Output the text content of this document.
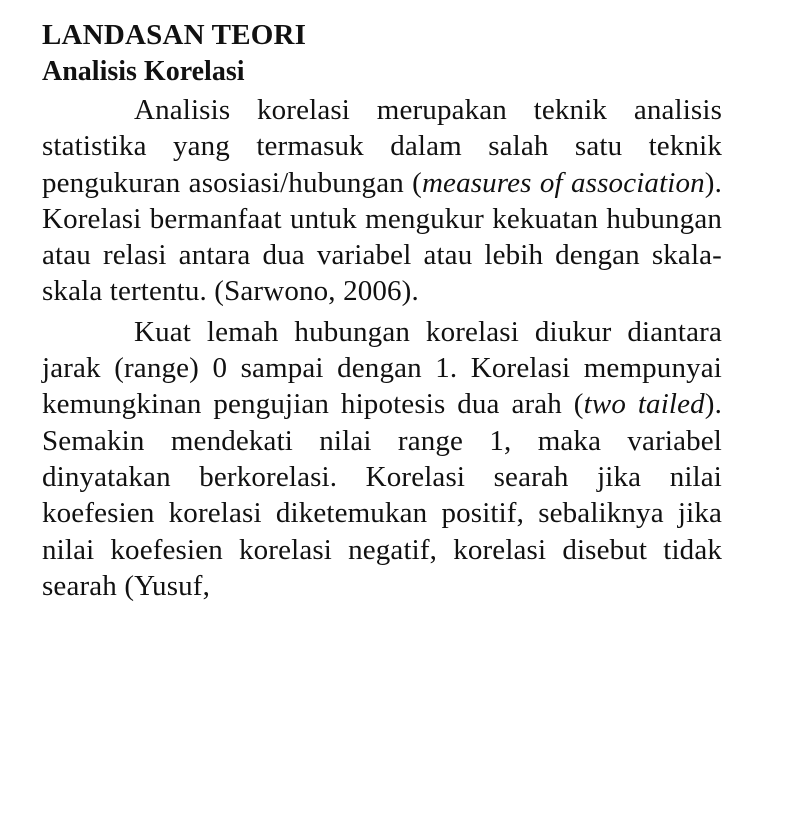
LANDASAN TEORI
Analisis Korelasi

Analisis korelasi merupakan teknik analisis statistika yang termasuk dalam salah satu teknik pengukuran asosiasi/hubungan (measures of association). Korelasi bermanfaat untuk mengukur kekuatan hubungan atau relasi antara dua variabel atau lebih dengan skala-skala tertentu. (Sarwono, 2006).

Kuat lemah hubungan korelasi diukur diantara jarak (range) 0 sampai dengan 1. Korelasi mempunyai kemungkinan pengujian hipotesis dua arah (two tailed). Semakin mendekati nilai range 1, maka variabel dinyatakan berkorelasi. Korelasi searah jika nilai koefesien korelasi diketemukan positif, sebaliknya jika nilai koefesien korelasi negatif, korelasi disebut tidak searah (Yusuf,
